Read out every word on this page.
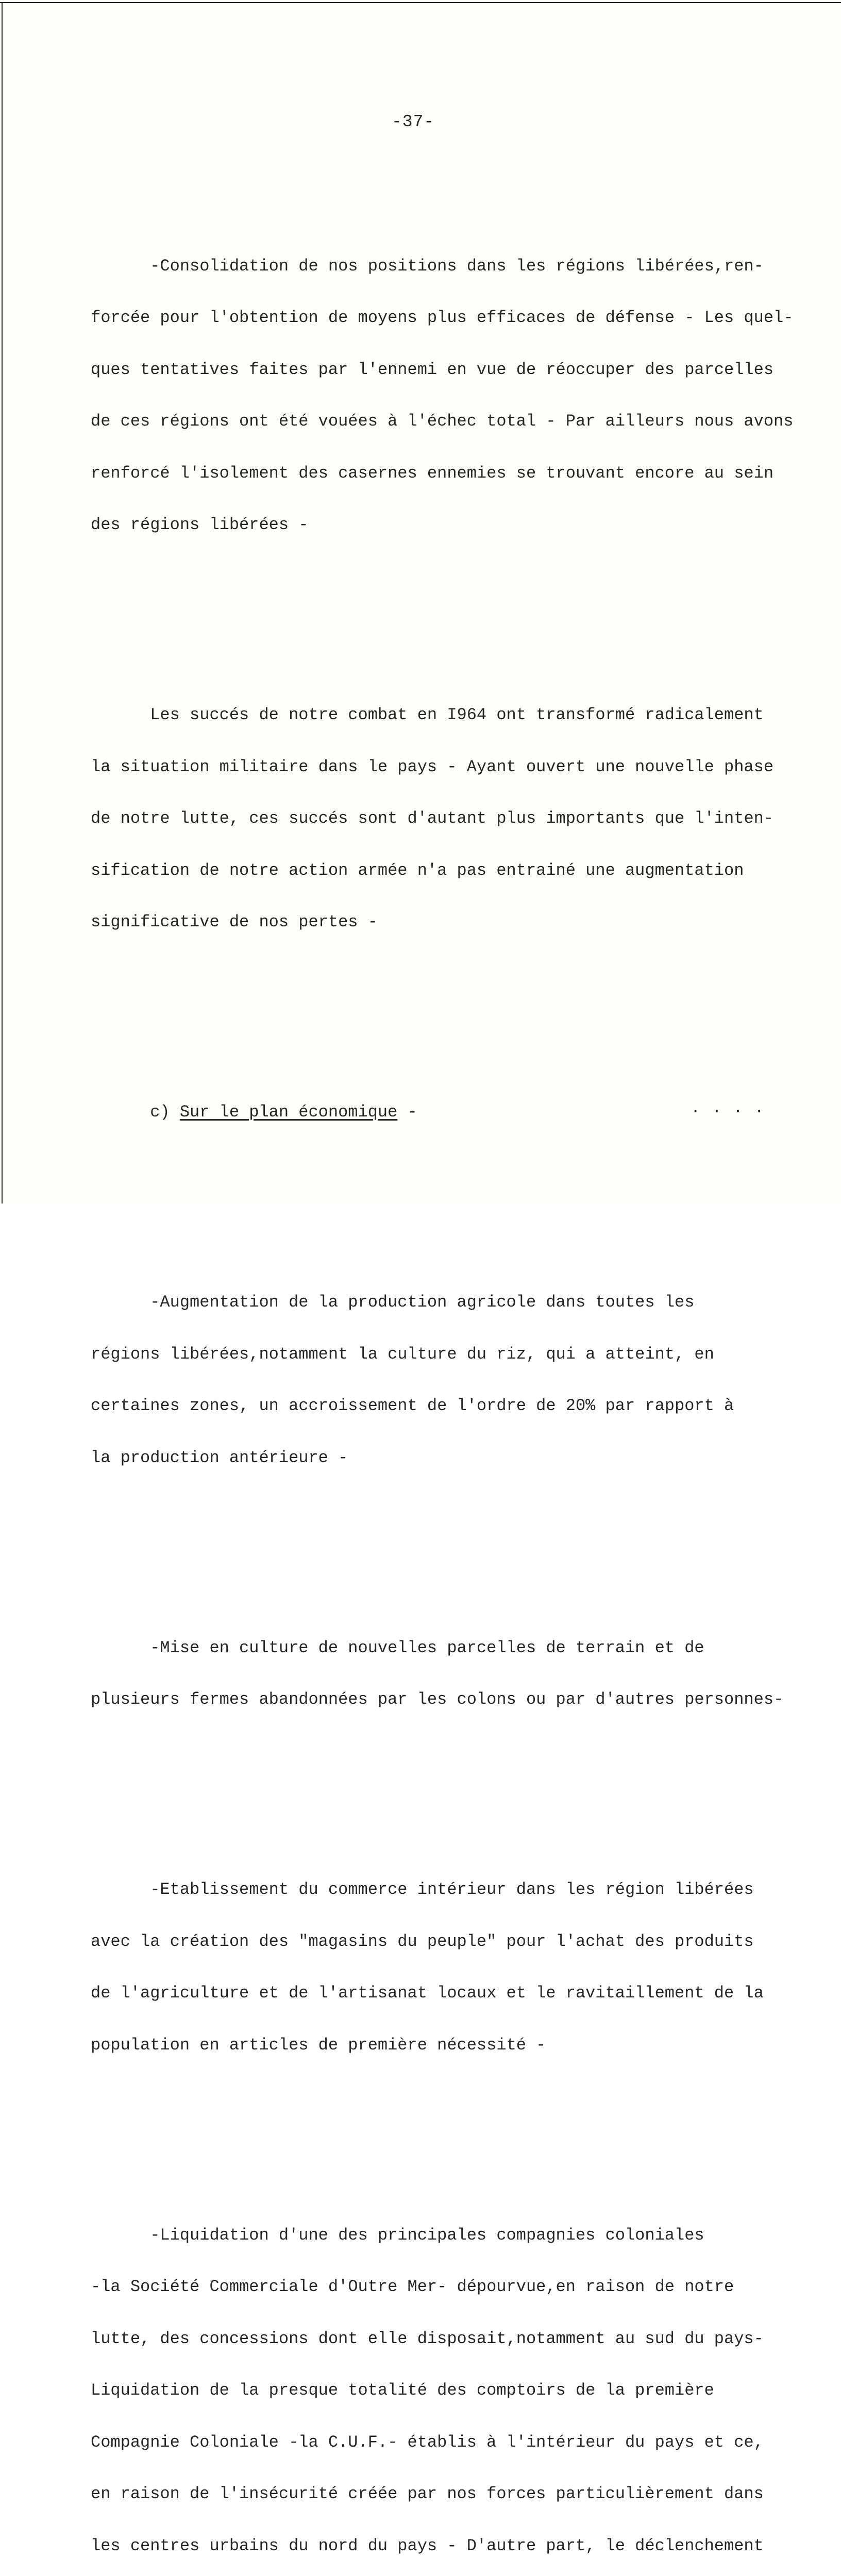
-37-

-Consolidation de nos positions dans les régions libérées,ren-

forcée pour l'obtention de moyens plus efficaces de défense - Les quel-

ques tentatives faites par l'ennemi en vue de réoccuper des parcelles

de ces régions ont été vouées à l'échec total - Par ailleurs nous avons

renforcé l'isolement des casernes ennemies se trouvant encore au sein

des régions libérées -

Les succés de notre combat en I964 ont transformé radicalement

la situation militaire dans le pays - Ayant ouvert une nouvelle phase

de notre lutte, ces succés sont d'autant plus importants que l'inten-

sification de notre action armée n'a pas entrainé une augmentation

significative de nos pertes -

c) Sur le plan économique -

-Augmentation de la production agricole dans toutes les

régions libérées,notamment la culture du riz, qui a atteint, en

certaines zones, un accroissement de l'ordre de 20% par rapport à

la production antérieure -

-Mise en culture de nouvelles parcelles de terrain et de

plusieurs fermes abandonnées par les colons ou par d'autres personnes-

-Etablissement du commerce intérieur dans les région libérées

avec la création des "magasins du peuple" pour l'achat des produits

de l'agriculture et de l'artisanat locaux et le ravitaillement de la

population en articles de première nécessité -

-Liquidation d'une des principales compagnies coloniales

-la Société Commerciale d'Outre Mer- dépourvue,en raison de notre

lutte, des concessions dont elle disposait,notamment au sud du pays-

Liquidation de la presque totalité des comptoirs de la première

Compagnie Coloniale -la C.U.F.- établis à l'intérieur du pays et ce,

en raison de l'insécurité créée par nos forces particulièrement dans

les centres urbains du nord du pays - D'autre part, le déclenchement

....
